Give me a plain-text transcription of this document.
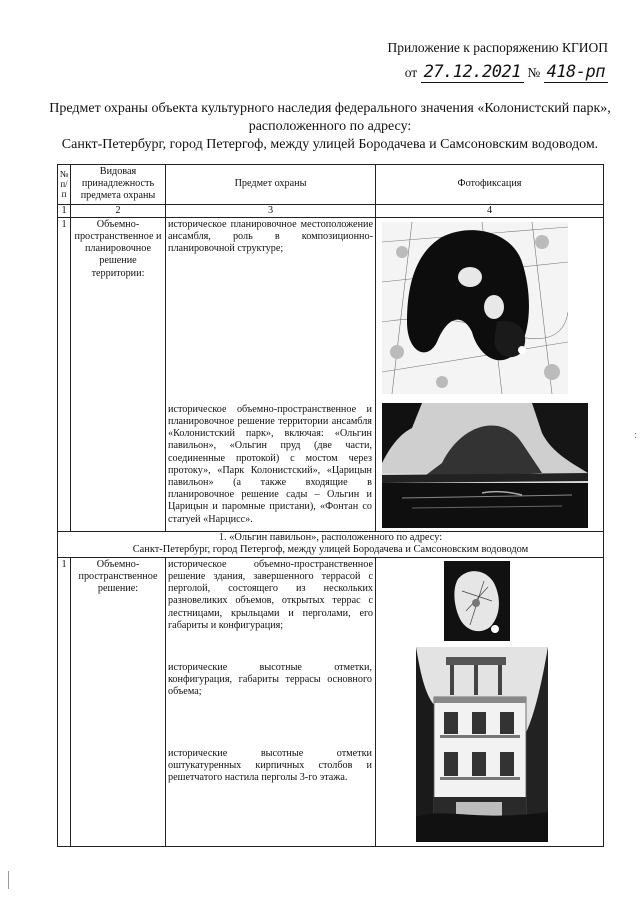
Приложение к распоряжению КГИОП
от 27.12.2021 № 418-рп
Предмет охраны объекта культурного наследия федерального значения «Колонистский парк»,
расположенного по адресу:
Санкт-Петербург, город Петергоф, между улицей Бородачева и Самсоновским водоводом.
№ п/п	Видовая принадлежность предмета охраны	Предмет охраны	Фотофиксация
1	2	3	4
1	Объемно-пространственное и планировочное решение территории:	историческое планировочное местоположение ансамбля, роль в композиционно-планировочной структуре;
историческое объемно-пространственное и планировочное решение территории ансамбля «Колонистский парк», включая: «Ольгин павильон», «Ольгин пруд (две части, соединенные протокой) с мостом через протоку», «Парк Колонистский», «Царицын павильон» (а также входящие в планировочное решение сады – Ольгин и Царицын и паромные пристани), «Фонтан со статуей «Нарцисс».

1. «Ольгин павильон», расположенного по адресу:
Санкт-Петербург, город Петергоф, между улицей Бородачева и Самсоновским водоводом			

1	Объемно-пространственное решение:	историческое объемно-пространственное решение здания, завершенного террасой с перголой, состоящего из нескольких разновеликих объемов, открытых террас с лестницами, крыльцами и перголами, его габариты и конфигурация;
исторические высотные отметки, конфигурация, габариты террасы основного объема;
исторические высотные отметки оштукатуренных кирпичных столбов и решетчатого настила перголы 3-го этажа.

:
